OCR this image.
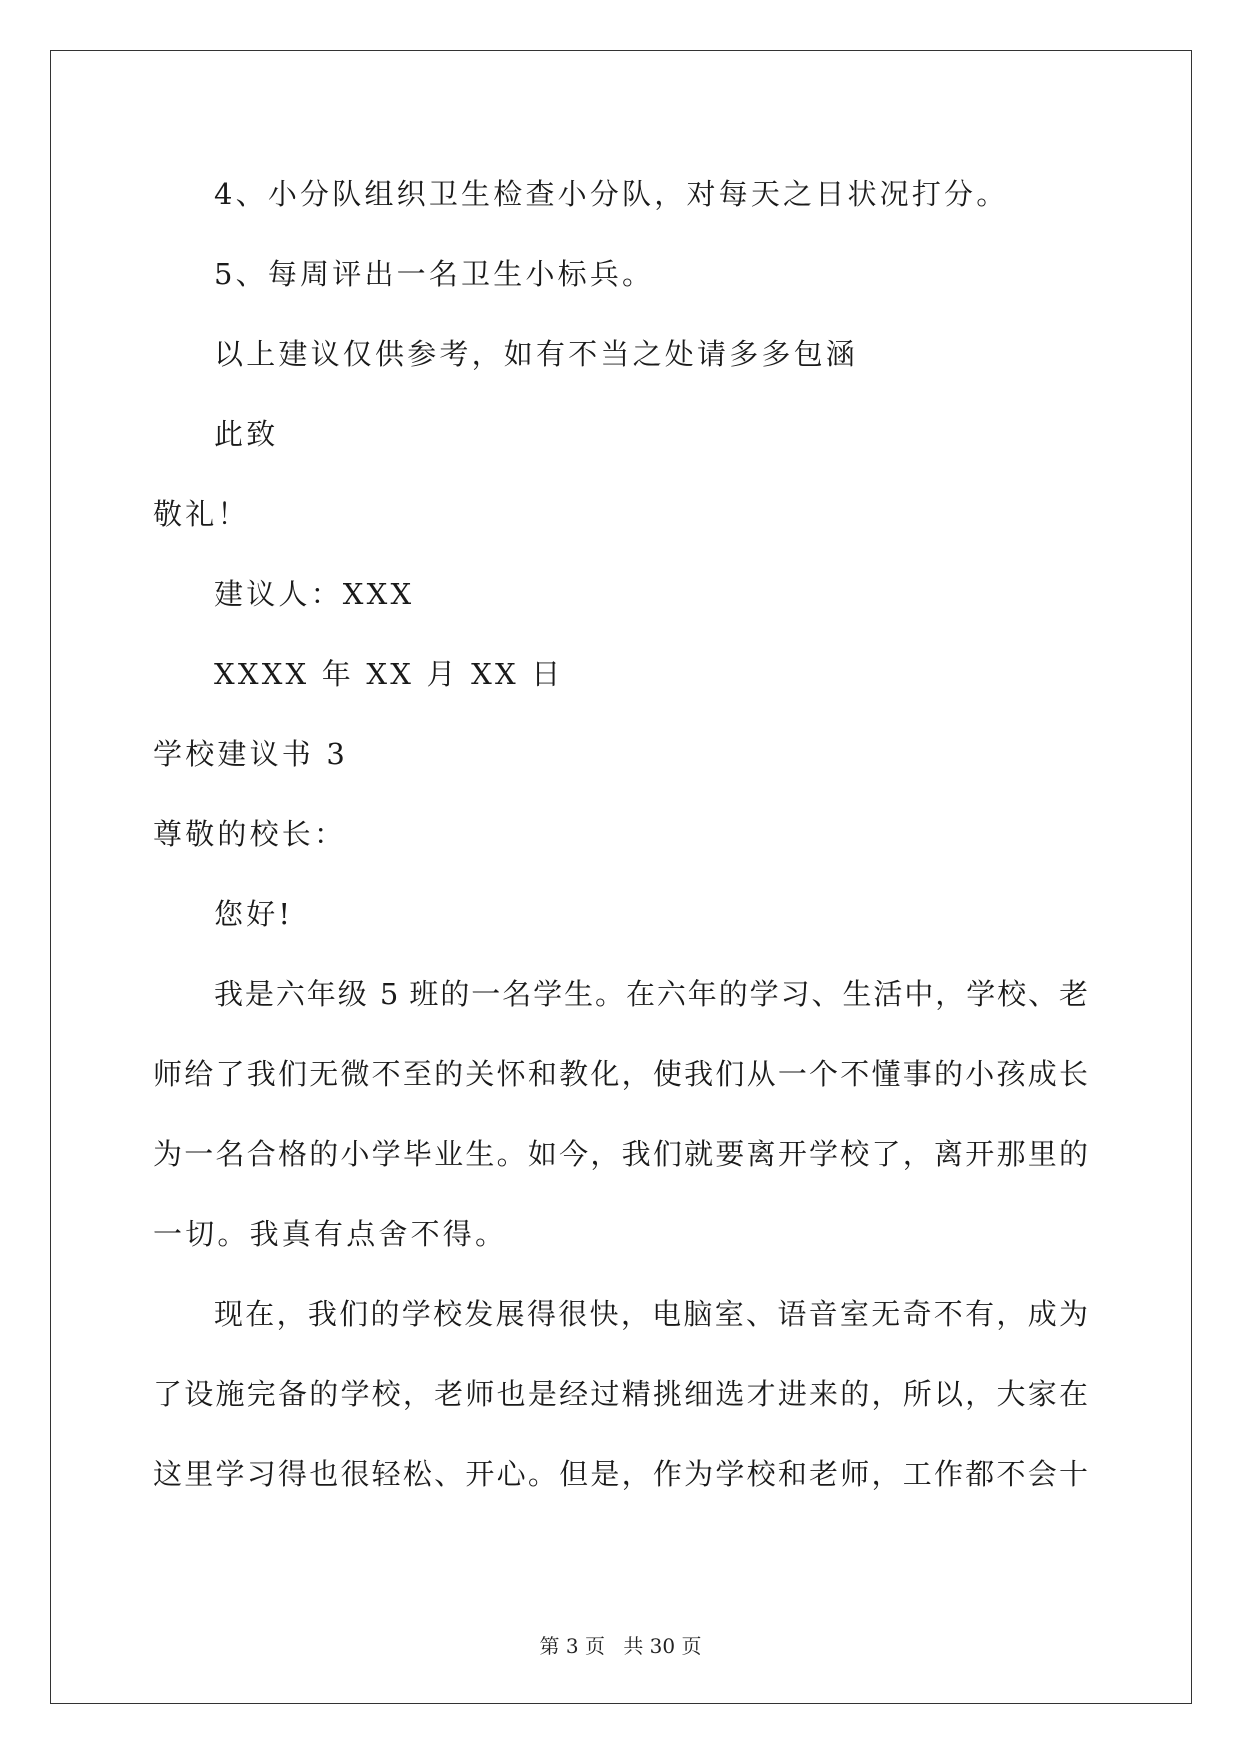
4、小分队组织卫生检查小分队，对每天之日状况打分。
5、每周评出一名卫生小标兵。
以上建议仅供参考，如有不当之处请多多包涵
此致
敬礼！
建议人：XXX
XXXX 年 XX 月 XX 日
学校建议书 3
尊敬的校长：
您好!
我是六年级 5 班的一名学生。在六年的学习、生活中，学校、老
师给了我们无微不至的关怀和教化，使我们从一个不懂事的小孩成长
为一名合格的小学毕业生。如今，我们就要离开学校了，离开那里的
一切。我真有点舍不得。
现在，我们的学校发展得很快，电脑室、语音室无奇不有，成为
了设施完备的学校，老师也是经过精挑细选才进来的，所以，大家在
这里学习得也很轻松、开心。但是，作为学校和老师，工作都不会十
第 3 页 共 30 页
